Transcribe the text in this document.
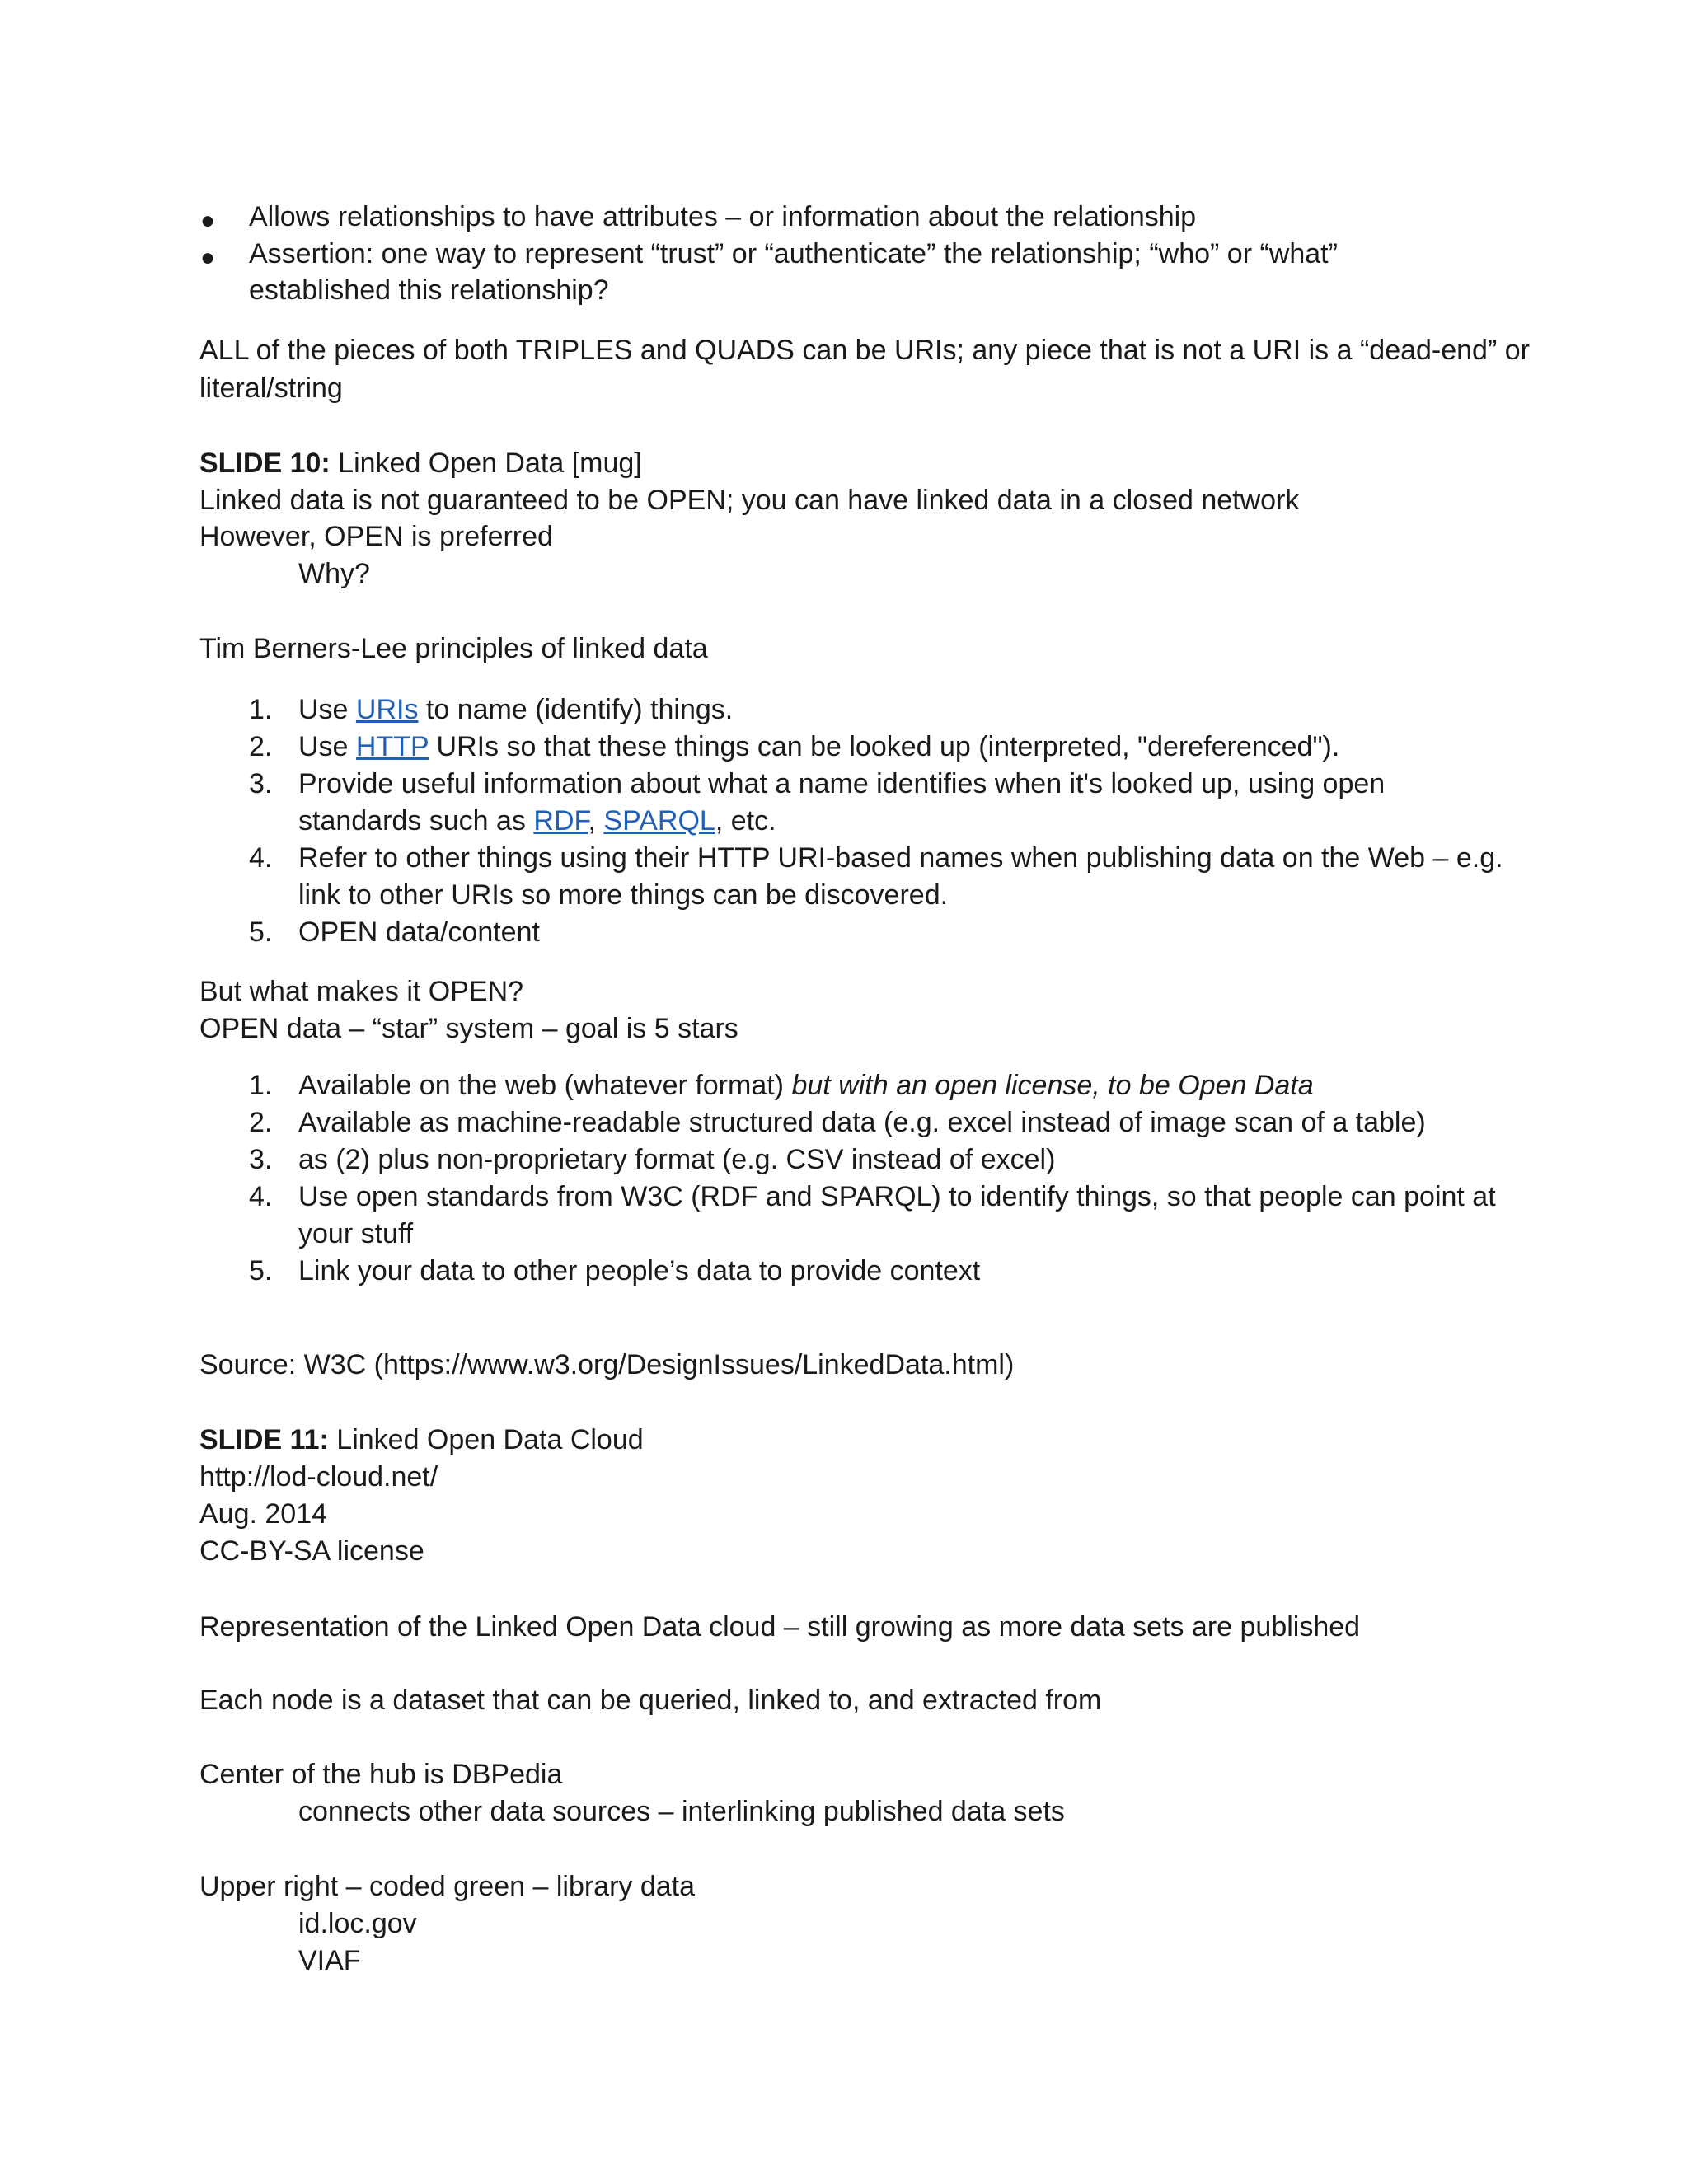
● Allows relationships to have attributes – or information about the relationship
● Assertion: one way to represent “trust” or “authenticate” the relationship; “who” or “what”
established this relationship?
ALL of the pieces of both TRIPLES and QUADS can be URIs; any piece that is not a URI is a “dead-end” or
literal/string
SLIDE 10: Linked Open Data [mug]
Linked data is not guaranteed to be OPEN; you can have linked data in a closed network
However, OPEN is preferred
Why?
Tim Berners-Lee principles of linked data
1. Use URIs to name (identify) things.
2. Use HTTP URIs so that these things can be looked up (interpreted, "dereferenced").
3. Provide useful information about what a name identifies when it's looked up, using open
standards such as RDF, SPARQL, etc.
4. Refer to other things using their HTTP URI-based names when publishing data on the Web – e.g.
link to other URIs so more things can be discovered.
5. OPEN data/content
But what makes it OPEN?
OPEN data – “star” system – goal is 5 stars
1. Available on the web (whatever format) but with an open license, to be Open Data
2. Available as machine-readable structured data (e.g. excel instead of image scan of a table)
3. as (2) plus non-proprietary format (e.g. CSV instead of excel)
4. Use open standards from W3C (RDF and SPARQL) to identify things, so that people can point at
your stuff
5. Link your data to other people’s data to provide context
Source: W3C (https://www.w3.org/DesignIssues/LinkedData.html)
SLIDE 11: Linked Open Data Cloud
http://lod-cloud.net/
Aug. 2014
CC-BY-SA license
Representation of the Linked Open Data cloud – still growing as more data sets are published
Each node is a dataset that can be queried, linked to, and extracted from
Center of the hub is DBPedia
connects other data sources – interlinking published data sets
Upper right – coded green – library data
id.loc.gov
VIAF
